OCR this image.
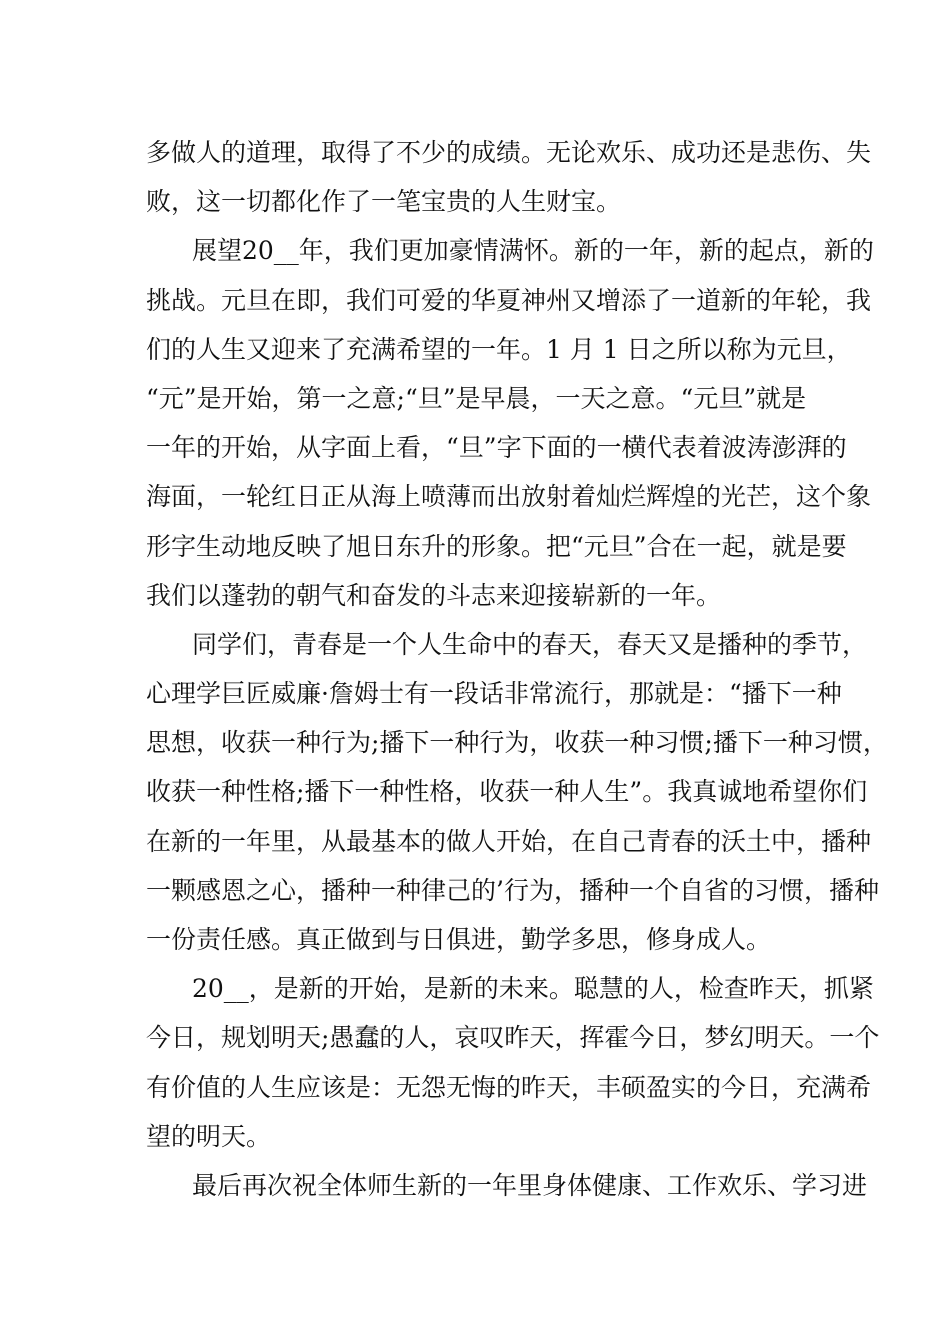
多做人的道理，取得了不少的成绩。无论欢乐、成功还是悲伤、失
败，这一切都化作了一笔宝贵的人生财宝。
展望20__年，我们更加豪情满怀。新的一年，新的起点，新的
挑战。元旦在即，我们可爱的华夏神州又增添了一道新的年轮，我
们的人生又迎来了充满希望的一年。1 月 1 日之所以称为元旦，
“元”是开始，第一之意;“旦”是早晨，一天之意。“元旦”就是
一年的开始，从字面上看，“旦”字下面的一横代表着波涛澎湃的
海面，一轮红日正从海上喷薄而出放射着灿烂辉煌的光芒，这个象
形字生动地反映了旭日东升的形象。把“元旦”合在一起，就是要
我们以蓬勃的朝气和奋发的斗志来迎接崭新的一年。
同学们，青春是一个人生命中的春天，春天又是播种的季节，
心理学巨匠威廉·詹姆士有一段话非常流行，那就是：“播下一种
思想，收获一种行为;播下一种行为，收获一种习惯;播下一种习惯，
收获一种性格;播下一种性格，收获一种人生”。我真诚地希望你们
在新的一年里，从最基本的做人开始，在自己青春的沃土中，播种
一颗感恩之心，播种一种律己的’行为，播种一个自省的习惯，播种
一份责任感。真正做到与日俱进，勤学多思，修身成人。
20__，是新的开始，是新的未来。聪慧的人，检查昨天，抓紧
今日，规划明天;愚蠢的人，哀叹昨天，挥霍今日，梦幻明天。一个
有价值的人生应该是：无怨无悔的昨天，丰硕盈实的今日，充满希
望的明天。
最后再次祝全体师生新的一年里身体健康、工作欢乐、学习进
